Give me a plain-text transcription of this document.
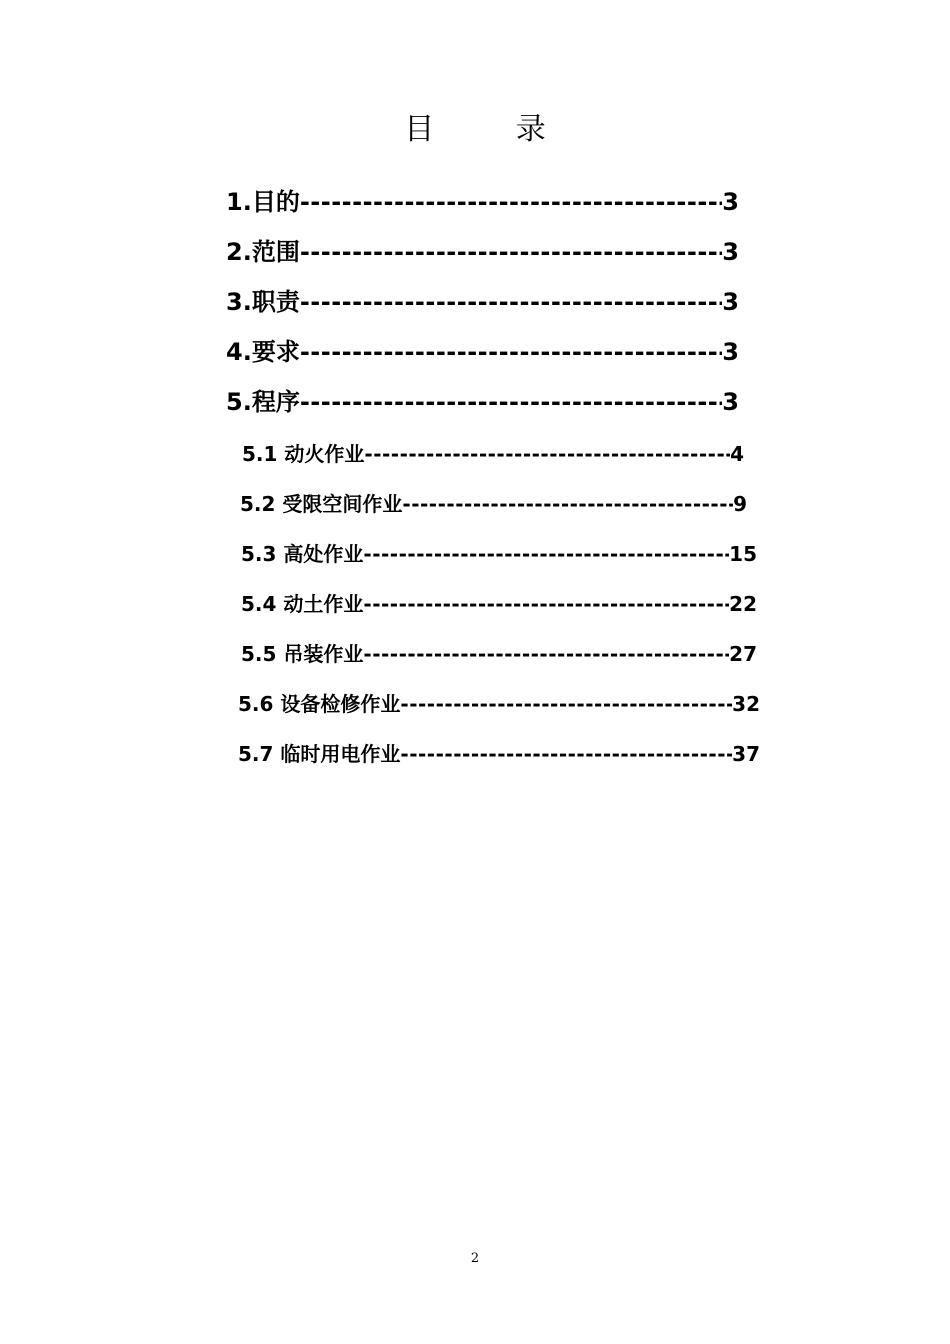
目 录
1.目的 -----	3
2.范围 -----	3
3.职责 -----	3
4.要求 -----	3
5.程序 -----	3
5.1 动火作业 -----	4
5.2 受限空间作业 -----	9
5.3 高处作业 -----	15
5.4 动土作业 -----	22
5.5 吊装作业 -----	27
5.6 设备检修作业 -----	32
5.7 临时用电作业 -----	37
2
